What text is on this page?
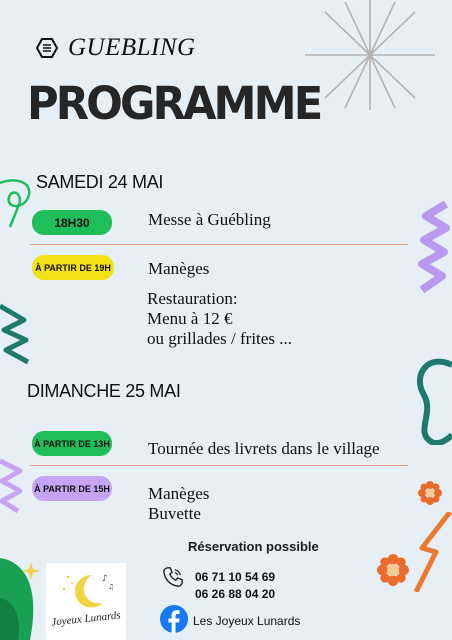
GUEBLING
PROGRAMME
SAMEDI 24 MAI
18H30	Messe à Guébling
À PARTIR DE 19H Manèges
Restauration:
Menu à 12 €
ou grillades / frites ...
DIMANCHE 25 MAI
À PARTIR DE 13H Tournée des livrets dans le village
À PARTIR DE 15H Manèges
Buvette
Réservation possible
06 71 10 54 69
06 26 88 04 20
Les Joyeux Lunards
♪
♫
Joyeux Lunards
